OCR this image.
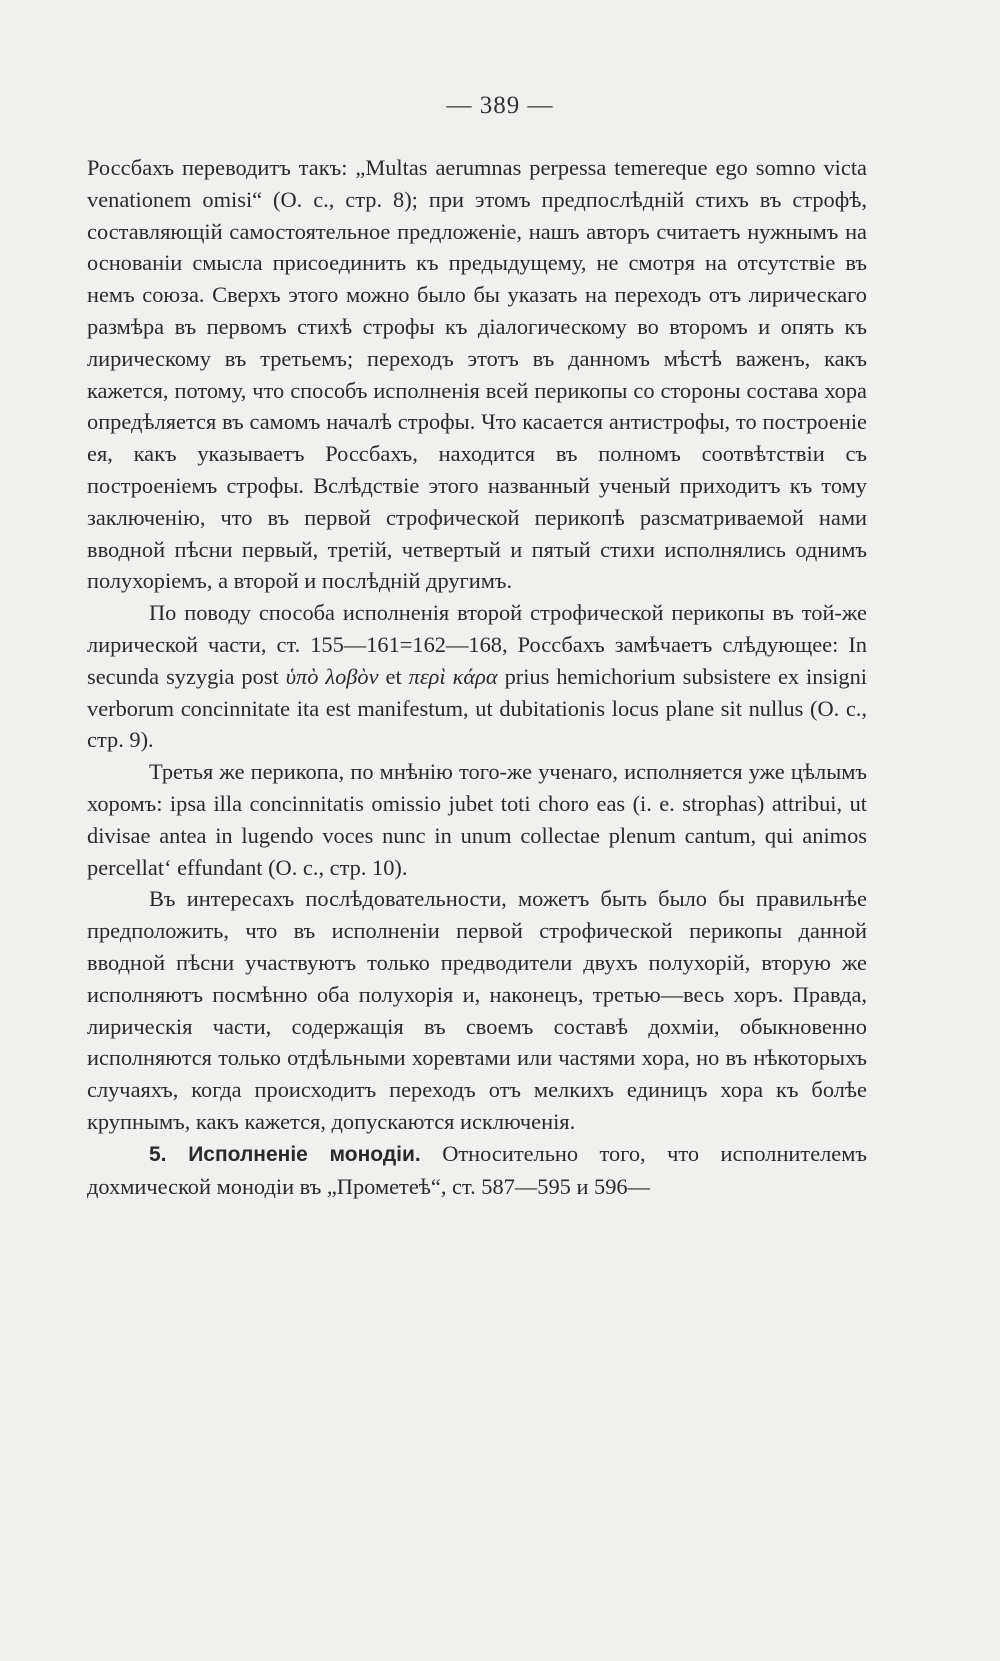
— 389 —

Россбахъ переводитъ такъ: „Multas aerumnas perpessa temereque ego somno victa venationem omisi“ (O. c., стр. 8); при этомъ предпослѣднiй стихъ въ строфѣ, составляющiй самостоятельное предложенiе, нашъ авторъ считаетъ нужнымъ на основанiи смысла присоединить къ предыдущему, не смотря на отсутствiе въ немъ союза. Сверхъ этого можно было бы указать на переходъ отъ лирическаго размѣра въ первомъ стихѣ строфы къ дiалогическому во второмъ и опять къ лирическому въ третьемъ; переходъ этотъ въ данномъ мѣстѣ важенъ, какъ кажется, потому, что способъ исполненiя всей перикопы со стороны состава хора опредѣляется въ самомъ началѣ строфы. Что касается антистрофы, то построенiе ея, какъ указываетъ Россбахъ, находится въ полномъ соотвѣтствiи съ построенiемъ строфы. Вслѣдствiе этого названный ученый приходитъ къ тому заключенiю, что въ первой строфической перикопѣ разсматриваемой нами вводной пѣсни первый, третiй, четвертый и пятый стихи исполнялись однимъ полухорiемъ, а второй и послѣднiй другимъ.

По поводу способа исполненiя второй строфической перикопы въ той-же лирической части, ст. 155—161=162—168, Россбахъ замѣчаетъ слѣдующее: In secunda syzygia post ὑπὸ λοβὸν et περὶ κάρα prius hemichorium subsistere ex insigni verborum concinnitate ita est manifestum, ut dubitationis locus plane sit nullus (O. c., стр. 9).

Третья же перикопа, по мнѣнiю того-же ученаго, исполняется уже цѣлымъ хоромъ: ipsa illa concinnitatis omissio jubet toti choro eas (i. e. strophas) attribui, ut divisae antea in lugendo voces nunc in unum collectae plenum cantum, qui animos percellat‘ effundant (O. c., стр. 10).

Въ интересахъ послѣдовательности, можетъ быть было бы правильнѣе предположить, что въ исполненiи первой строфической перикопы данной вводной пѣсни участвуютъ только предводители двухъ полухорiй, вторую же исполняютъ посмѣнно оба полухорiя и, наконецъ, третью—весь хоръ. Правда, лирическiя части, содержащiя въ своемъ составѣ дохмiи, обыкновенно исполняются только отдѣльными хоревтами или частями хора, но въ нѣкоторыхъ случаяхъ, когда происходитъ переходъ отъ мелкихъ единицъ хора къ болѣе крупнымъ, какъ кажется, допускаются исключенiя.

5. Исполненiе монодiи. Относительно того, что исполнителемъ дохмической монодiи въ „Прометеѣ“, ст. 587—595 и 596—
